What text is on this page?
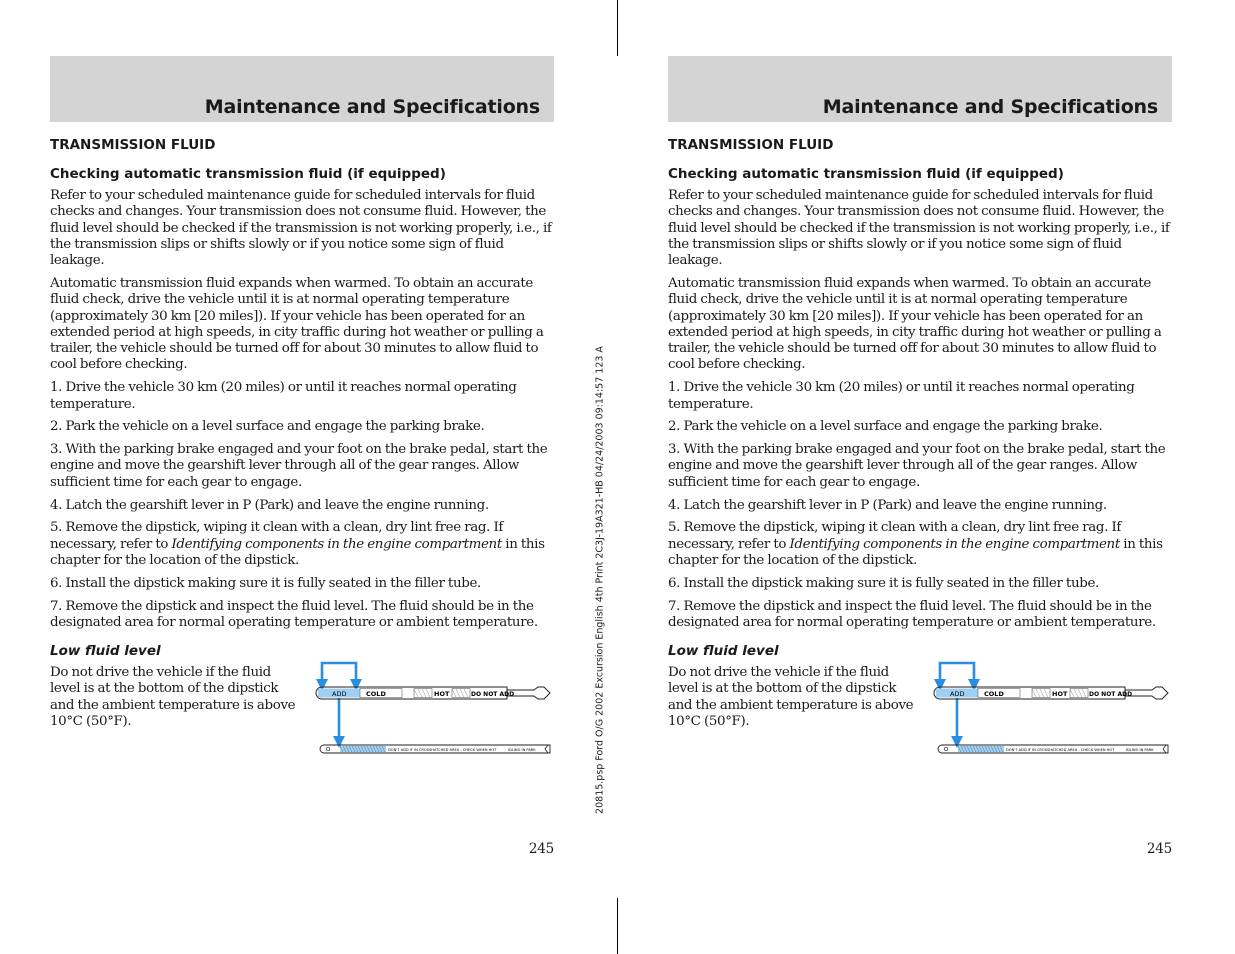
20815.psp Ford O/G 2002 Excursion English 4th Print 2C3J-19A321-HB 04/24/2003 09:14:57 123 A
Maintenance and Specifications
TRANSMISSION FLUID
Checking automatic transmission fluid (if equipped)

Refer to your scheduled maintenance guide for scheduled intervals for fluid checks and changes. Your transmission does not consume fluid. However, the fluid level should be checked if the transmission is not working properly, i.e., if the transmission slips or shifts slowly or if you notice some sign of fluid leakage.

Automatic transmission fluid expands when warmed. To obtain an accurate fluid check, drive the vehicle until it is at normal operating temperature (approximately 30 km [20 miles]). If your vehicle has been operated for an extended period at high speeds, in city traffic during hot weather or pulling a trailer, the vehicle should be turned off for about 30 minutes to allow fluid to cool before checking.

1. Drive the vehicle 30 km (20 miles) or until it reaches normal operating temperature.

2. Park the vehicle on a level surface and engage the parking brake.

3. With the parking brake engaged and your foot on the brake pedal, start the engine and move the gearshift lever through all of the gear ranges. Allow sufficient time for each gear to engage.

4. Latch the gearshift lever in P (Park) and leave the engine running.

5. Remove the dipstick, wiping it clean with a clean, dry lint free rag. If necessary, refer to Identifying components in the engine compartment in this chapter for the location of the dipstick.

6. Install the dipstick making sure it is fully seated in the filler tube.

7. Remove the dipstick and inspect the fluid level. The fluid should be in the designated area for normal operating temperature or ambient temperature.

Low fluid level

Do not drive the vehicle if the fluid level is at the bottom of the dipstick and the ambient temperature is above 10°C (50°F).

ADD	COLD	HOT	DO NOT ADD
DON'T ADD IF IN CROSSHATCHED AREA - CHECK WHEN HOT	IDLING IN PARK
245
Maintenance and Specifications
TRANSMISSION FLUID
Checking automatic transmission fluid (if equipped)

Refer to your scheduled maintenance guide for scheduled intervals for fluid checks and changes. Your transmission does not consume fluid. However, the fluid level should be checked if the transmission is not working properly, i.e., if the transmission slips or shifts slowly or if you notice some sign of fluid leakage.

Automatic transmission fluid expands when warmed. To obtain an accurate fluid check, drive the vehicle until it is at normal operating temperature (approximately 30 km [20 miles]). If your vehicle has been operated for an extended period at high speeds, in city traffic during hot weather or pulling a trailer, the vehicle should be turned off for about 30 minutes to allow fluid to cool before checking.

1. Drive the vehicle 30 km (20 miles) or until it reaches normal operating temperature.

2. Park the vehicle on a level surface and engage the parking brake.

3. With the parking brake engaged and your foot on the brake pedal, start the engine and move the gearshift lever through all of the gear ranges. Allow sufficient time for each gear to engage.

4. Latch the gearshift lever in P (Park) and leave the engine running.

5. Remove the dipstick, wiping it clean with a clean, dry lint free rag. If necessary, refer to Identifying components in the engine compartment in this chapter for the location of the dipstick.

6. Install the dipstick making sure it is fully seated in the filler tube.

7. Remove the dipstick and inspect the fluid level. The fluid should be in the designated area for normal operating temperature or ambient temperature.

Low fluid level

Do not drive the vehicle if the fluid level is at the bottom of the dipstick and the ambient temperature is above 10°C (50°F).

ADD	COLD	HOT	DO NOT ADD
DON'T ADD IF IN CROSSHATCHED AREA - CHECK WHEN HOT	IDLING IN PARK
245
